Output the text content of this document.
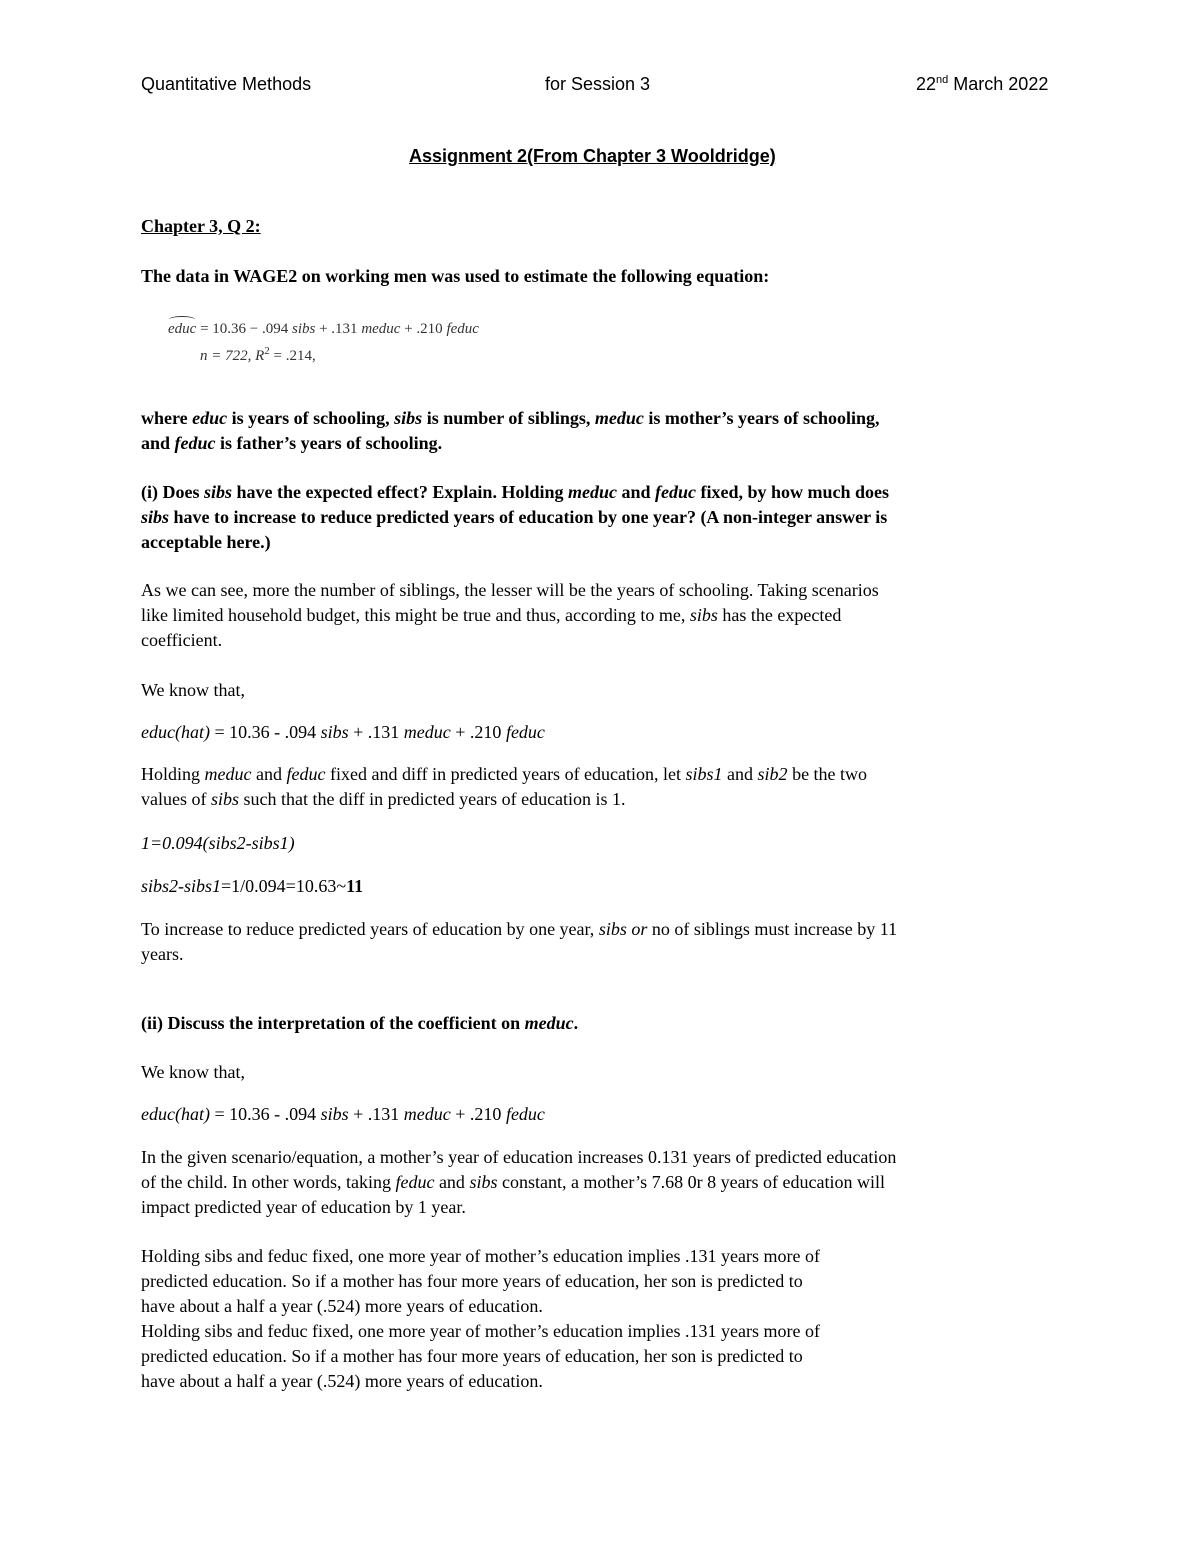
Quantitative Methods	for Session 3	22nd March 2022
Assignment 2(From Chapter 3 Wooldridge)
Chapter 3, Q 2:
The data in WAGE2 on working men was used to estimate the following equation:
educ = 10.36 − .094 sibs + .131 meduc + .210 feduc
n = 722, $R^2 = .214$,
where educ is years of schooling, sibs is number of siblings, meduc is mother’s years of schooling,
and feduc is father’s years of schooling.
(i) Does sibs have the expected effect? Explain. Holding meduc and feduc fixed, by how much does
sibs have to increase to reduce predicted years of education by one year? (A non-integer answer is
acceptable here.)
As we can see, more the number of siblings, the lesser will be the years of schooling. Taking scenarios
like limited household budget, this might be true and thus, according to me, sibs has the expected
coefficient.
We know that,
educ(hat) = 10.36 - .094 sibs + .131 meduc + .210 feduc
Holding meduc and feduc fixed and diff in predicted years of education, let sibs1 and sib2 be the two
values of sibs such that the diff in predicted years of education is 1.
1=0.094(sibs2-sibs1)
sibs2-sibs1=1/0.094=10.63~11
To increase to reduce predicted years of education by one year, sibs or no of siblings must increase by 11
years.
(ii) Discuss the interpretation of the coefficient on meduc.
We know that,
educ(hat) = 10.36 - .094 sibs + .131 meduc + .210 feduc
In the given scenario/equation, a mother’s year of education increases 0.131 years of predicted education
of the child. In other words, taking feduc and sibs constant, a mother’s 7.68 0r 8 years of education will
impact predicted year of education by 1 year.
Holding sibs and feduc fixed, one more year of mother’s education implies .131 years more of
predicted education. So if a mother has four more years of education, her son is predicted to
have about a half a year (.524) more years of education.
Holding sibs and feduc fixed, one more year of mother’s education implies .131 years more of
predicted education. So if a mother has four more years of education, her son is predicted to
have about a half a year (.524) more years of education.
